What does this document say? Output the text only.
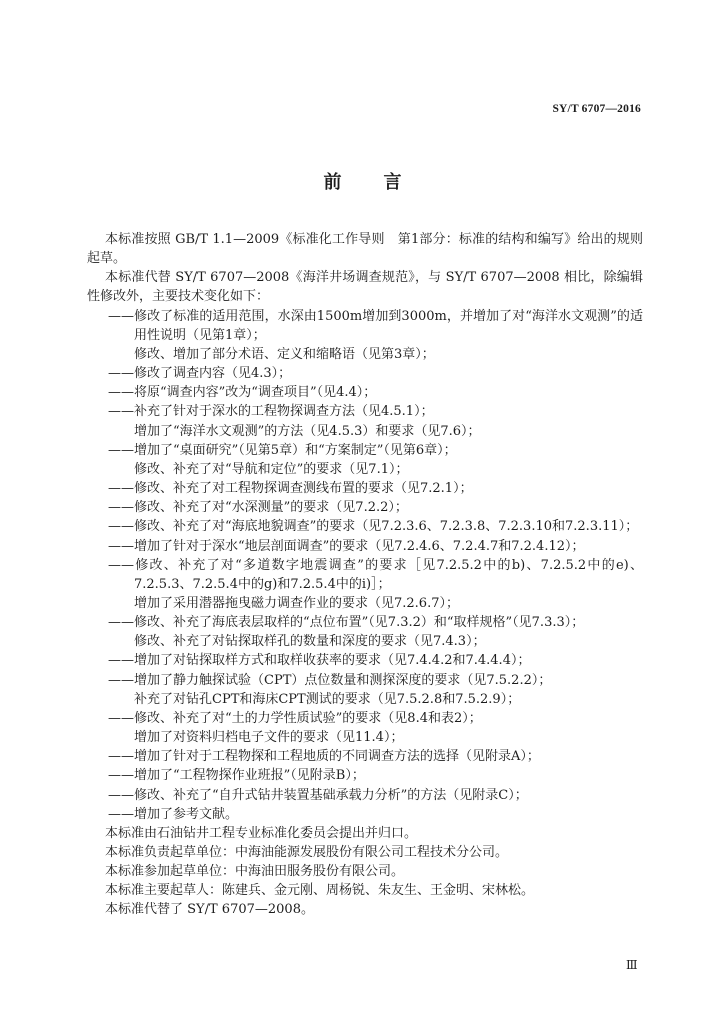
SY/T 6707—2016
前　言

本标准按照 GB/T 1.1—2009《标准化工作导则　第1部分：标准的结构和编写》给出的规则起草。

本标准代替 SY/T 6707—2008《海洋井场调查规范》，与 SY/T 6707—2008 相比，除编辑性修改外，主要技术变化如下：

——修改了标准的适用范围，水深由1500m增加到3000m，并增加了对“海洋水文观测”的适用性说明（见第1章）；

修改、增加了部分术语、定义和缩略语（见第3章）；

——修改了调查内容（见4.3）；

——将原“调查内容”改为“调查项目”（见4.4）；

——补充了针对于深水的工程物探调查方法（见4.5.1）；

增加了“海洋水文观测”的方法（见4.5.3）和要求（见7.6）；

——增加了“桌面研究”（见第5章）和“方案制定”（见第6章）；

修改、补充了对“导航和定位”的要求（见7.1）；

——修改、补充了对工程物探调查测线布置的要求（见7.2.1）；

——修改、补充了对“水深测量”的要求（见7.2.2）；

——修改、补充了对“海底地貌调查”的要求（见7.2.3.6、7.2.3.8、7.2.3.10和7.2.3.11）；

——增加了针对于深水“地层剖面调查”的要求（见7.2.4.6、7.2.4.7和7.2.4.12）；

——修改、补充了对“多道数字地震调查”的要求［见7.2.5.2中的b)、7.2.5.2中的e)、7.2.5.3、7.2.5.4中的g)和7.2.5.4中的i)］；

增加了采用潜器拖曳磁力调查作业的要求（见7.2.6.7）；

——修改、补充了海底表层取样的“点位布置”（见7.3.2）和“取样规格”（见7.3.3）；

修改、补充了对钻探取样孔的数量和深度的要求（见7.4.3）；

——增加了对钻探取样方式和取样收获率的要求（见7.4.4.2和7.4.4.4）；

——增加了静力触探试验（CPT）点位数量和测探深度的要求（见7.5.2.2）；

补充了对钻孔CPT和海床CPT测试的要求（见7.5.2.8和7.5.2.9）；

——修改、补充了对“土的力学性质试验”的要求（见8.4和表2）；

增加了对资料归档电子文件的要求（见11.4）；

——增加了针对于工程物探和工程地质的不同调查方法的选择（见附录A）；

——增加了“工程物探作业班报”（见附录B）；

——修改、补充了“自升式钻井装置基础承载力分析”的方法（见附录C）；

——增加了参考文献。

本标准由石油钻井工程专业标准化委员会提出并归口。

本标准负责起草单位：中海油能源发展股份有限公司工程技术分公司。

本标准参加起草单位：中海油田服务股份有限公司。

本标准主要起草人：陈建兵、金元刚、周杨锐、朱友生、王金明、宋林松。

本标准代替了 SY/T 6707—2008。

Ⅲ
